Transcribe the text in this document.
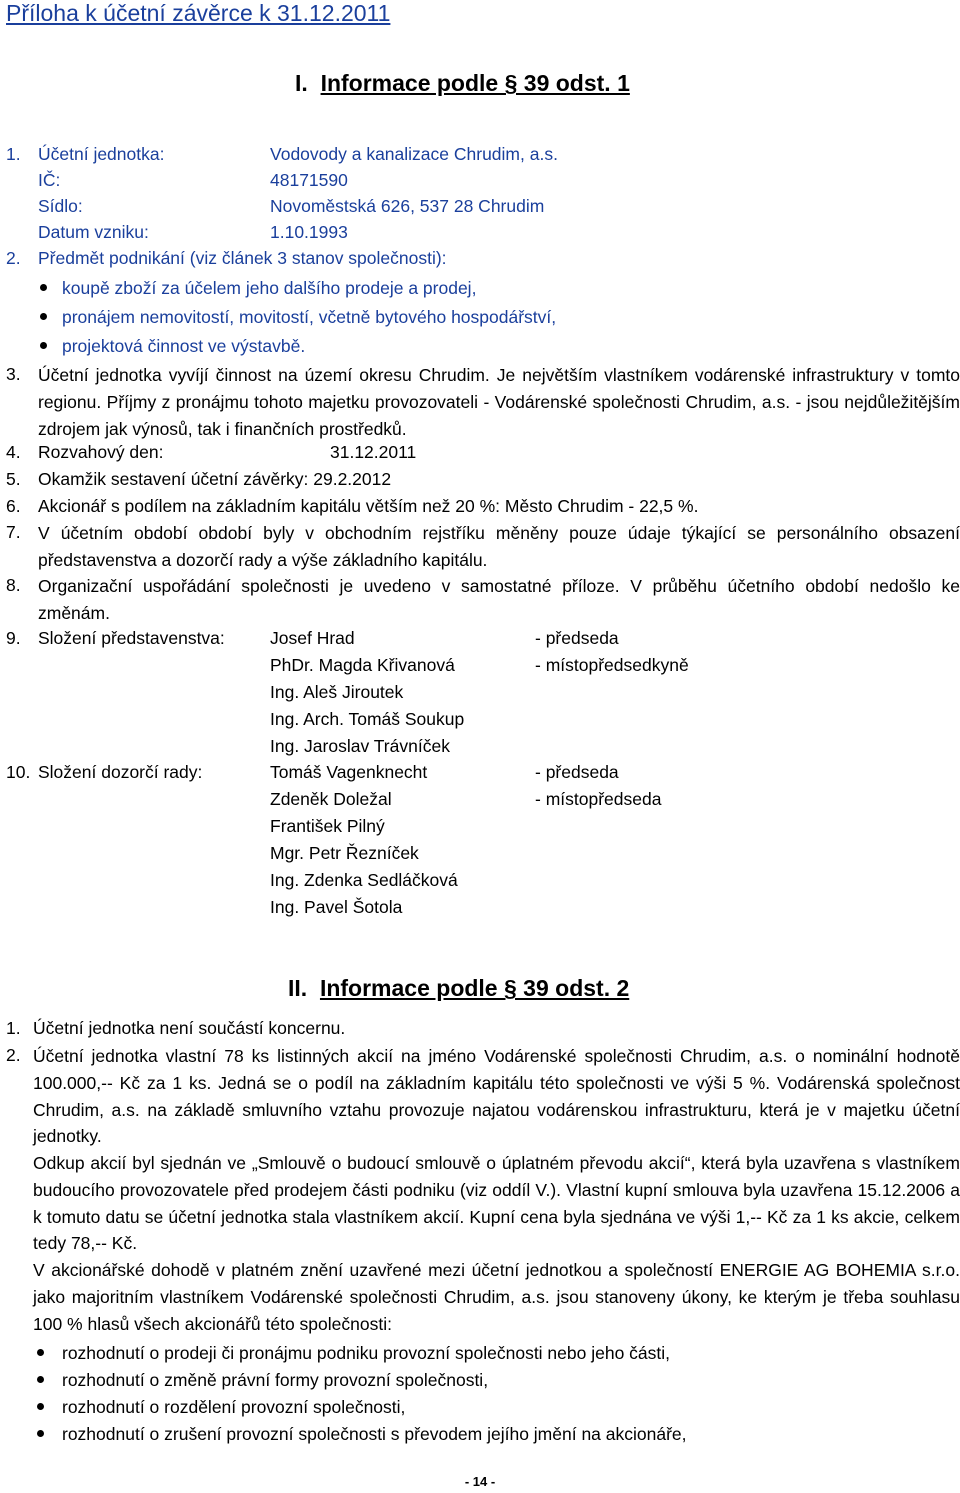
Příloha k účetní závěrce k 31.12.2011
I. Informace podle § 39 odst. 1
1. Účetní jednotka:	Vodovody a kanalizace Chrudim, a.s.
IČ:	48171590
Sídlo:	Novoměstská 626, 537 28 Chrudim
Datum vzniku:	1.10.1993
2. Předmět podnikání (viz článek 3 stanov společnosti):
koupě zboží za účelem jeho dalšího prodeje a prodej,
pronájem nemovitostí, movitostí, včetně bytového hospodářství,
projektová činnost ve výstavbě.
3. Účetní jednotka vyvíjí činnost na území okresu Chrudim. Je největším vlastníkem vodárenské infrastruktury v tomto regionu. Příjmy z pronájmu tohoto majetku provozovateli - Vodárenské společnosti Chrudim, a.s. - jsou nejdůležitějším zdrojem jak výnosů, tak i finančních prostředků.

4. Rozvahový den:	31.12.2011
5. Okamžik sestavení účetní závěrky: 29.2.2012
6. Akcionář s podílem na základním kapitálu větším než 20 %: Město Chrudim - 22,5 %.
7. V účetním období období byly v obchodním rejstříku měněny pouze údaje týkající se personálního obsazení představenstva a dozorčí rady a výše základního kapitálu.

8. Organizační uspořádání společnosti je uvedeno v samostatné příloze. V průběhu účetního období nedošlo ke změnám.

9. Složení představenstva:	Josef Hrad	- předseda
PhDr. Magda Křivanová	- místopředsedkyně
Ing. Aleš Jiroutek
Ing. Arch. Tomáš Soukup
Ing. Jaroslav Trávníček
10. Složení dozorčí rady:	Tomáš Vagenknecht	- předseda
Zdeněk Doležal	- místopředseda
František Pilný
Mgr. Petr Řezníček
Ing. Zdenka Sedláčková
Ing. Pavel Šotola
II. Informace podle § 39 odst. 2
1. Účetní jednotka není součástí koncernu.
2. Účetní jednotka vlastní 78 ks listinných akcií na jméno Vodárenské společnosti Chrudim, a.s. o nominální hodnotě 100.000,-- Kč za 1 ks. Jedná se o podíl na základním kapitálu této společnosti ve výši 5 %. Vodárenská společnost Chrudim, a.s. na základě smluvního vztahu provozuje najatou vodárenskou infrastrukturu, která je v majetku účetní jednotky.

Odkup akcií byl sjednán ve „Smlouvě o budoucí smlouvě o úplatném převodu akcií“, která byla uzavřena s vlastníkem budoucího provozovatele před prodejem části podniku (viz oddíl V.). Vlastní kupní smlouva byla uzavřena 15.12.2006 a k tomuto datu se účetní jednotka stala vlastníkem akcií. Kupní cena byla sjednána ve výši 1,-- Kč za 1 ks akcie, celkem tedy 78,-- Kč.

V akcionářské dohodě v platném znění uzavřené mezi účetní jednotkou a společností ENERGIE AG BOHEMIA s.r.o. jako majoritním vlastníkem Vodárenské společnosti Chrudim, a.s. jsou stanoveny úkony, ke kterým je třeba souhlasu 100 % hlasů všech akcionářů této společnosti:

rozhodnutí o prodeji či pronájmu podniku provozní společnosti nebo jeho části,
rozhodnutí o změně právní formy provozní společnosti,
rozhodnutí o rozdělení provozní společnosti,
rozhodnutí o zrušení provozní společnosti s převodem jejího jmění na akcionáře,
- 14 -
